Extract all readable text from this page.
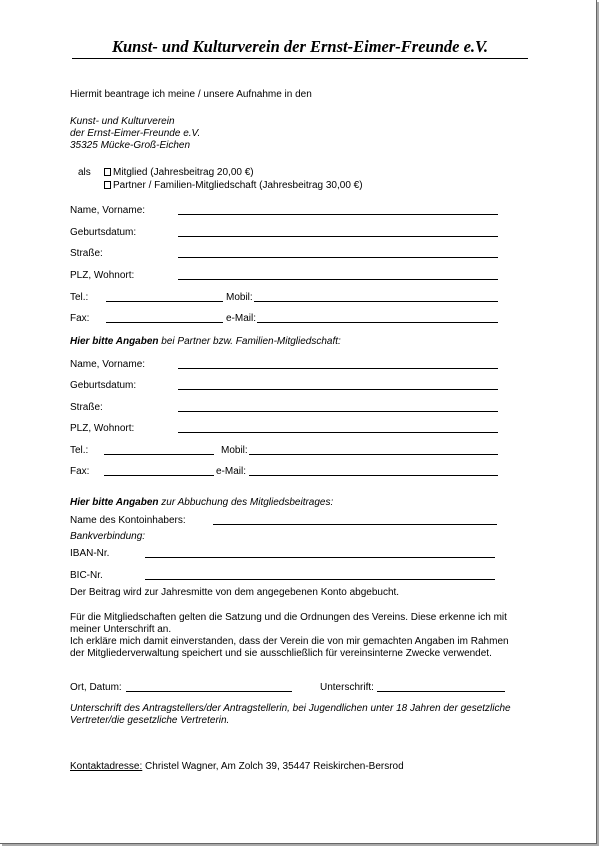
Kunst- und Kulturverein der Ernst-Eimer-Freunde e.V.
Hiermit beantrage ich meine / unsere Aufnahme in den
Kunst- und Kulturverein
der Ernst-Eimer-Freunde e.V.
35325 Mücke-Groß-Eichen
als	Mitglied (Jahresbeitrag 20,00 €)
Partner / Familien-Mitgliedschaft (Jahresbeitrag 30,00 €)
Name, Vorname:
Geburtsdatum:
Straße:
PLZ, Wohnort:
Tel.:	Mobil:
Fax:	e-Mail:
Hier bitte Angaben bei Partner bzw. Familien-Mitgliedschaft:
Name, Vorname:
Geburtsdatum:
Straße:
PLZ, Wohnort:
Tel.:	Mobil:
Fax:	e-Mail:
Hier bitte Angaben zur Abbuchung des Mitgliedsbeitrages:
Name des Kontoinhabers:
Bankverbindung:
IBAN-Nr.
BIC-Nr.
Der Beitrag wird zur Jahresmitte von dem angegebenen Konto abgebucht.
Für die Mitgliedschaften gelten die Satzung und die Ordnungen des Vereins. Diese erkenne ich mit
meiner Unterschrift an.
Ich erkläre mich damit einverstanden, dass der Verein die von mir gemachten Angaben im Rahmen
der Mitgliederverwaltung speichert und sie ausschließlich für vereinsinterne Zwecke verwendet.
Ort, Datum:	Unterschrift:
Unterschrift des Antragstellers/der Antragstellerin, bei Jugendlichen unter 18 Jahren der gesetzliche
Vertreter/die gesetzliche Vertreterin.
Kontaktadresse: Christel Wagner, Am Zolch 39, 35447 Reiskirchen-Bersrod
